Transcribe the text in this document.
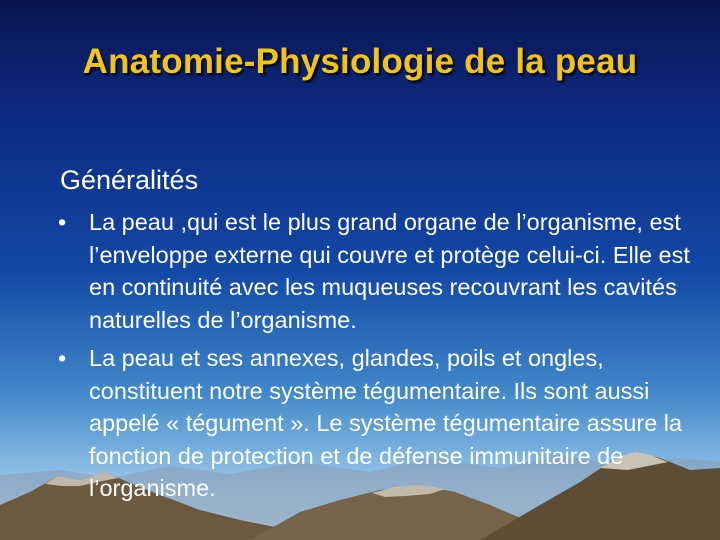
Anatomie-Physiologie de la peau
Généralités
• La peau ,qui est le plus grand organe de l’organisme, est l’enveloppe externe qui couvre et protège celui-ci. Elle est en continuité avec les muqueuses recouvrant les cavités naturelles de l’organisme.
• La peau et ses annexes, glandes, poils et ongles, constituent notre système tégumentaire. Ils sont aussi appelé « tégument ». Le système tégumentaire assure la fonction de protection et de défense immunitaire de l’organisme.
